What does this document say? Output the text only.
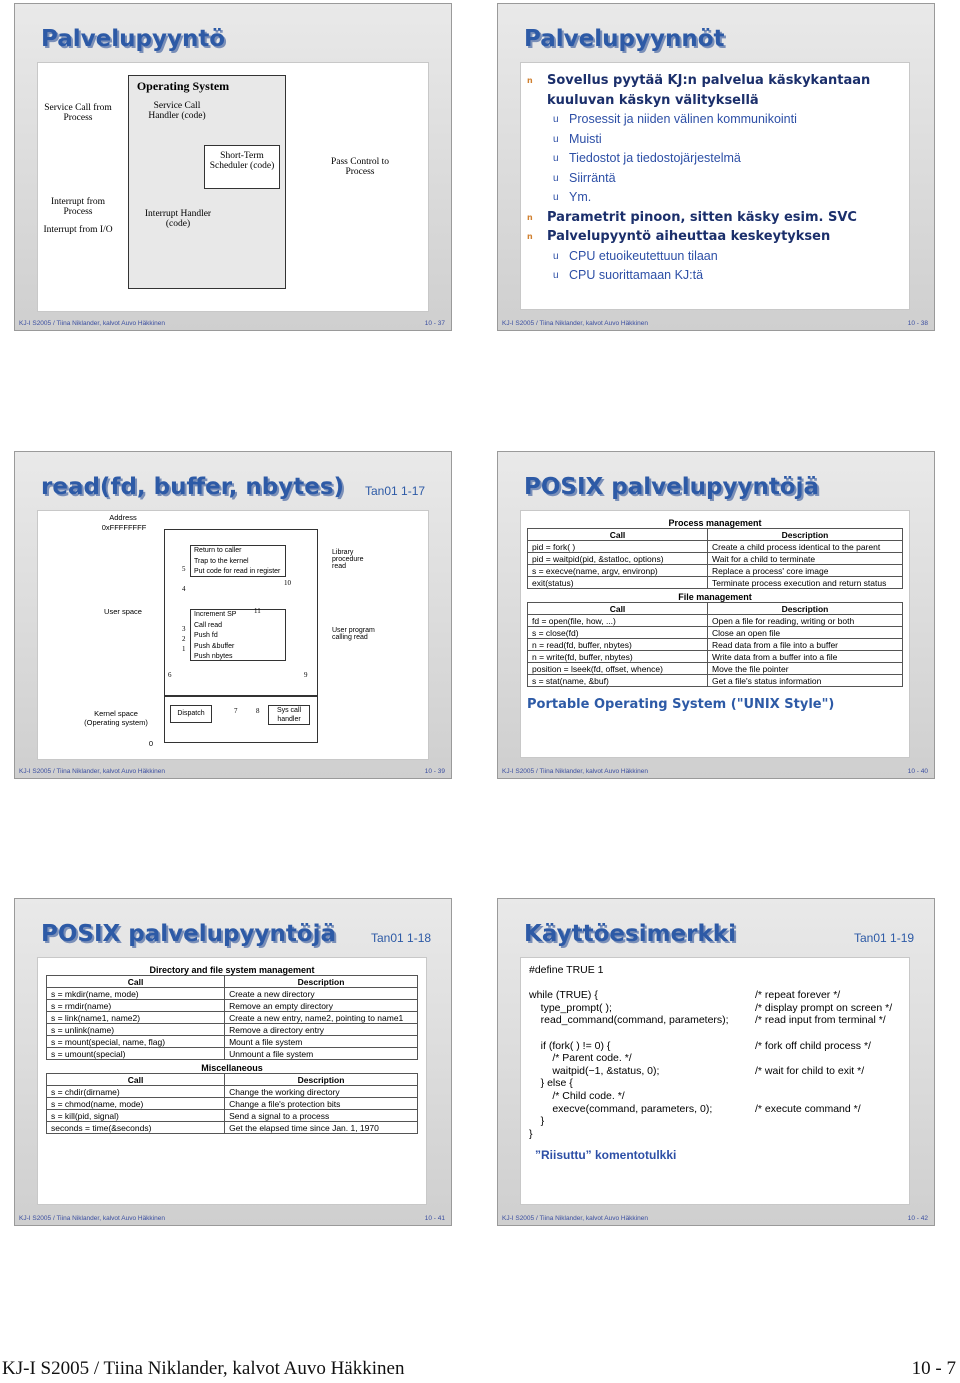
Palvelupyyntö
Service Call from Process
Interrupt from Process
Interrupt from I/O
Operating System
Service Call Handler (code)
Short-Term Scheduler (code)
Interrupt Handler (code)
Pass Control to Process
KJ-I S2005 / Tiina Niklander, kalvot Auvo Häkkinen	10 - 37
Palvelupyynnöt
n Sovellus pyytää KJ:n palvelua käskykantaan kuuluvan käskyn välityksellä
u Prosessit ja niiden välinen kommunikointi
u Muisti
u Tiedostot ja tiedostojärjestelmä
u Siirräntä
u Ym.
n Parametrit pinoon, sitten käsky esim. SVC
n Palvelupyyntö aiheuttaa keskeytyksen
u CPU etuoikeutettuun tilaan
u CPU suorittamaan KJ:tä
KJ-I S2005 / Tiina Niklander, kalvot Auvo Häkkinen	10 - 38
read(fd, buffer, nbytes) Tan01 1-17
Address
0xFFFFFFFF
User space
Kernel space (Operating system)
0
Return to caller
Trap to the kernel
Put code for read in register
Increment SP
Call read
Push fd
Push &buffer
Push nbytes
Library procedure read
User program calling read
Dispatch	Sys call handler
1
2
3
4
5
6
7	8
9
10
11
KJ-I S2005 / Tiina Niklander, kalvot Auvo Häkkinen	10 - 39
POSIX palvelupyyntöjä
Process management
Call	Description
pid = fork( )	Create a child process identical to the parent
pid = waitpid(pid, &statloc, options)	Wait for a child to terminate
s = execve(name, argv, environp)	Replace a process' core image
exit(status)	Terminate process execution and return status
File management
Call	Description
fd = open(file, how, ...)	Open a file for reading, writing or both
s = close(fd)	Close an open file
n = read(fd, buffer, nbytes)	Read data from a file into a buffer
n = write(fd, buffer, nbytes)	Write data from a buffer into a file
position = lseek(fd, offset, whence)	Move the file pointer
s = stat(name, &buf)	Get a file's status information
Portable Operating System ("UNIX Style")
KJ-I S2005 / Tiina Niklander, kalvot Auvo Häkkinen	10 - 40
POSIX palvelupyyntöjä	Tan01 1-18
Directory and file system management
Call	Description
s = mkdir(name, mode)	Create a new directory
s = rmdir(name)	Remove an empty directory
s = link(name1, name2)	Create a new entry, name2, pointing to name1
s = unlink(name)	Remove a directory entry
s = mount(special, name, flag)	Mount a file system
s = umount(special)	Unmount a file system
Miscellaneous
Call	Description
s = chdir(dirname)	Change the working directory
s = chmod(name, mode)	Change a file's protection bits
s = kill(pid, signal)	Send a signal to a process
seconds = time(&seconds)	Get the elapsed time since Jan. 1, 1970
KJ-I S2005 / Tiina Niklander, kalvot Auvo Häkkinen	10 - 41
Käyttöesimerkki	Tan01 1-19
#define TRUE 1
while (TRUE) {	/* repeat forever */
type_prompt( );	/* display prompt on screen */
read_command(command, parameters);	/* read input from terminal */
if (fork( ) != 0) {	/* fork off child process */
/* Parent code. */
waitpid(−1, &status, 0);	/* wait for child to exit */
} else {
/* Child code. */
execve(command, parameters, 0);	/* execute command */
}
}
”Riisuttu” komentotulkki
KJ-I S2005 / Tiina Niklander, kalvot Auvo Häkkinen	10 - 42
KJ-I S2005 / Tiina Niklander, kalvot Auvo Häkkinen	10 - 7
